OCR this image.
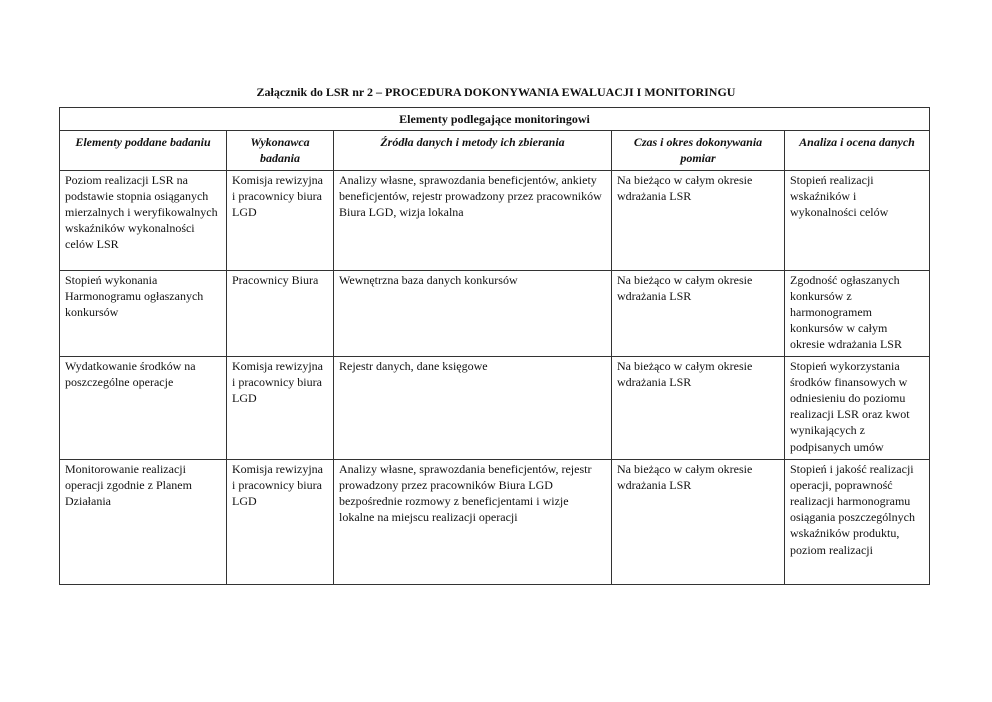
Załącznik do LSR nr 2 – PROCEDURA DOKONYWANIA EWALUACJI I MONITORINGU
Elementy podlegające monitoringowi				
Elementy poddane badaniu	Wykonawca badania	Źródła danych i metody ich zbierania	Czas i okres dokonywania pomiar	Analiza i ocena danych
Poziom realizacji LSR na podstawie stopnia osiąganych mierzalnych i weryfikowalnych wskaźników wykonalności celów LSR	Komisja rewizyjna i pracownicy biura LGD	Analizy własne, sprawozdania beneficjentów, ankiety beneficjentów, rejestr prowadzony przez pracowników Biura LGD, wizja lokalna	Na bieżąco w całym okresie wdrażania LSR	Stopień realizacji wskaźników i wykonalności celów
Stopień wykonania Harmonogramu ogłaszanych konkursów	Pracownicy Biura	Wewnętrzna baza danych konkursów	Na bieżąco w całym okresie wdrażania LSR	Zgodność ogłaszanych konkursów z harmonogramem konkursów w całym okresie wdrażania LSR
Wydatkowanie środków na poszczególne operacje	Komisja rewizyjna i pracownicy biura LGD	Rejestr danych, dane księgowe	Na bieżąco w całym okresie wdrażania LSR	Stopień wykorzystania środków finansowych w odniesieniu do poziomu realizacji LSR oraz kwot wynikających z podpisanych umów
Monitorowanie realizacji operacji zgodnie z Planem Działania	Komisja rewizyjna i pracownicy biura LGD	Analizy własne, sprawozdania beneficjentów, rejestr prowadzony przez pracowników Biura LGD bezpośrednie rozmowy z beneficjentami i wizje lokalne na miejscu realizacji operacji	Na bieżąco w całym okresie wdrażania LSR	Stopień i jakość realizacji operacji, poprawność realizacji harmonogramu osiągania poszczególnych wskaźników produktu, poziom realizacji
